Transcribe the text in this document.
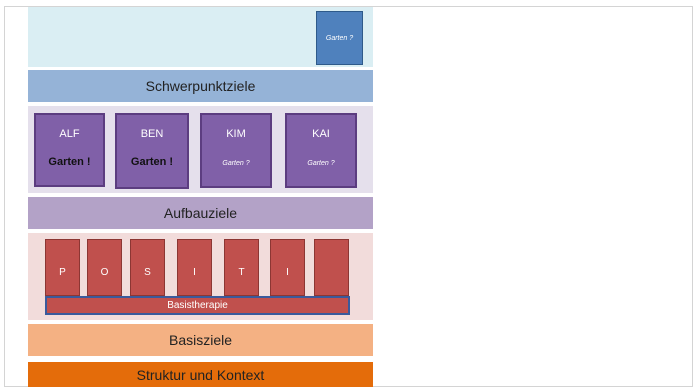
Garten ?
Schwerpunktziele
ALF
Garten !
BEN
Garten !
KIM
Garten ?
KAI
Garten ?
Aufbauziele
P	O	S	I	T	I
Basistherapie
Basisziele
Struktur und Kontext
